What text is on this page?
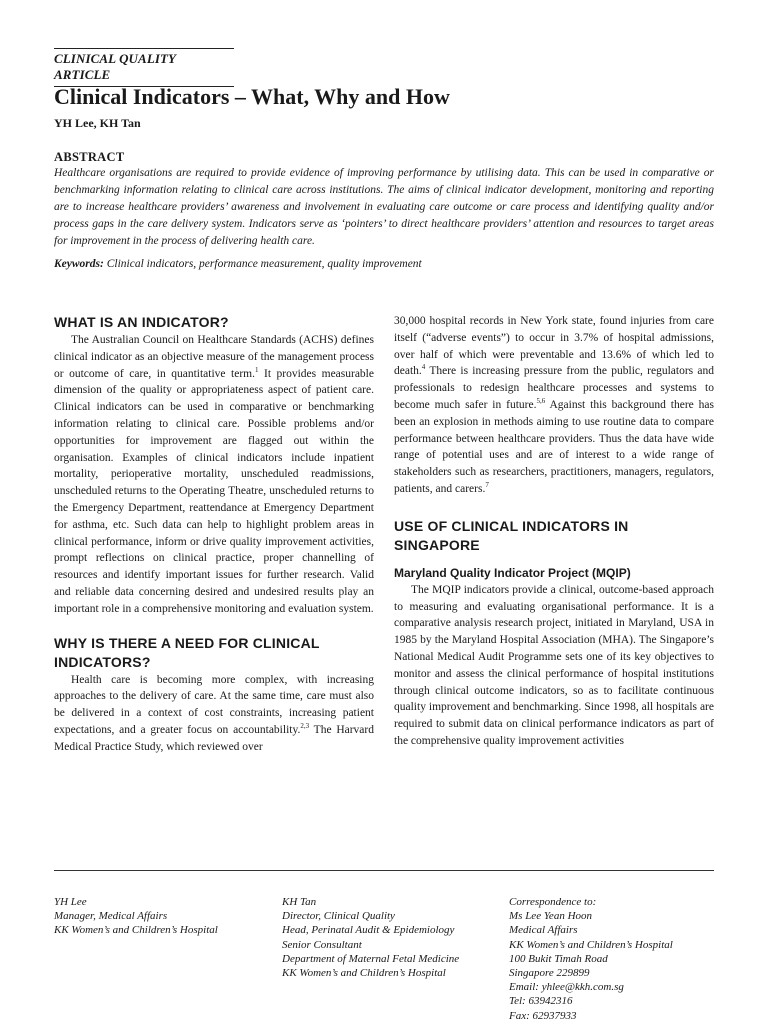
CLINICAL QUALITY ARTICLE
Clinical Indicators – What, Why and How
YH Lee, KH Tan
ABSTRACT

Healthcare organisations are required to provide evidence of improving performance by utilising data. This can be used in comparative or benchmarking information relating to clinical care across institutions. The aims of clinical indicator development, monitoring and reporting are to increase healthcare providers’ awareness and involvement in evaluating care outcome or care process and identifying quality and/or process gaps in the care delivery system. Indicators serve as ‘pointers’ to direct healthcare providers’ attention and resources to target areas for improvement in the process of delivering health care.

Keywords: Clinical indicators, performance measurement, quality improvement

WHAT IS AN INDICATOR?

The Australian Council on Healthcare Standards (ACHS) defines clinical indicator as an objective measure of the management process or outcome of care, in quantitative term.$^1$ It provides measurable dimension of the quality or appropriateness aspect of patient care. Clinical indicators can be used in comparative or benchmarking information relating to clinical care. Possible problems and/or opportunities for improvement are flagged out within the organisation. Examples of clinical indicators include inpatient mortality, perioperative mortality, unscheduled readmissions, unscheduled returns to the Operating Theatre, unscheduled returns to the Emergency Department, reattendance at Emergency Department for asthma, etc. Such data can help to highlight problem areas in clinical performance, inform or drive quality improvement activities, prompt reflections on clinical practice, proper channelling of resources and identify important issues for further research. Valid and reliable data concerning desired and undesired results play an important role in a comprehensive monitoring and evaluation system.

WHY IS THERE A NEED FOR CLINICAL INDICATORS?

Health care is becoming more complex, with increasing approaches to the delivery of care. At the same time, care must also be delivered in a context of cost constraints, increasing patient expectations, and a greater focus on accountability.$^{2,3}$ The Harvard Medical Practice Study, which reviewed over

30,000 hospital records in New York state, found injuries from care itself (“adverse events”) to occur in 3.7% of hospital admissions, over half of which were preventable and 13.6% of which led to death.$^4$ There is increasing pressure from the public, regulators and professionals to redesign healthcare processes and systems to become much safer in future.$^{5,6}$ Against this background there has been an explosion in methods aiming to use routine data to compare performance between healthcare providers. Thus the data have wide range of potential uses and are of interest to a wide range of stakeholders such as researchers, practitioners, managers, regulators, patients, and carers.$^7$

USE OF CLINICAL INDICATORS IN SINGAPORE
Maryland Quality Indicator Project (MQIP)

The MQIP indicators provide a clinical, outcome-based approach to measuring and evaluating organisational performance. It is a comparative analysis research project, initiated in Maryland, USA in 1985 by the Maryland Hospital Association (MHA). The Singapore’s National Medical Audit Programme sets one of its key objectives to monitor and assess the clinical performance of hospital institutions through clinical outcome indicators, so as to facilitate continuous quality improvement and benchmarking. Since 1998, all hospitals are required to submit data on clinical performance indicators as part of the comprehensive quality improvement activities

YH Lee
Manager, Medical Affairs
KK Women’s and Children’s Hospital
KH Tan
Director, Clinical Quality
Head, Perinatal Audit & Epidemiology
Senior Consultant
Department of Maternal Fetal Medicine
KK Women’s and Children’s Hospital
Correspondence to:
Ms Lee Yean Hoon
Medical Affairs
KK Women’s and Children’s Hospital
100 Bukit Timah Road
Singapore 229899
Email: yhlee@kkh.com.sg
Tel: 63942316
Fax: 62937933
